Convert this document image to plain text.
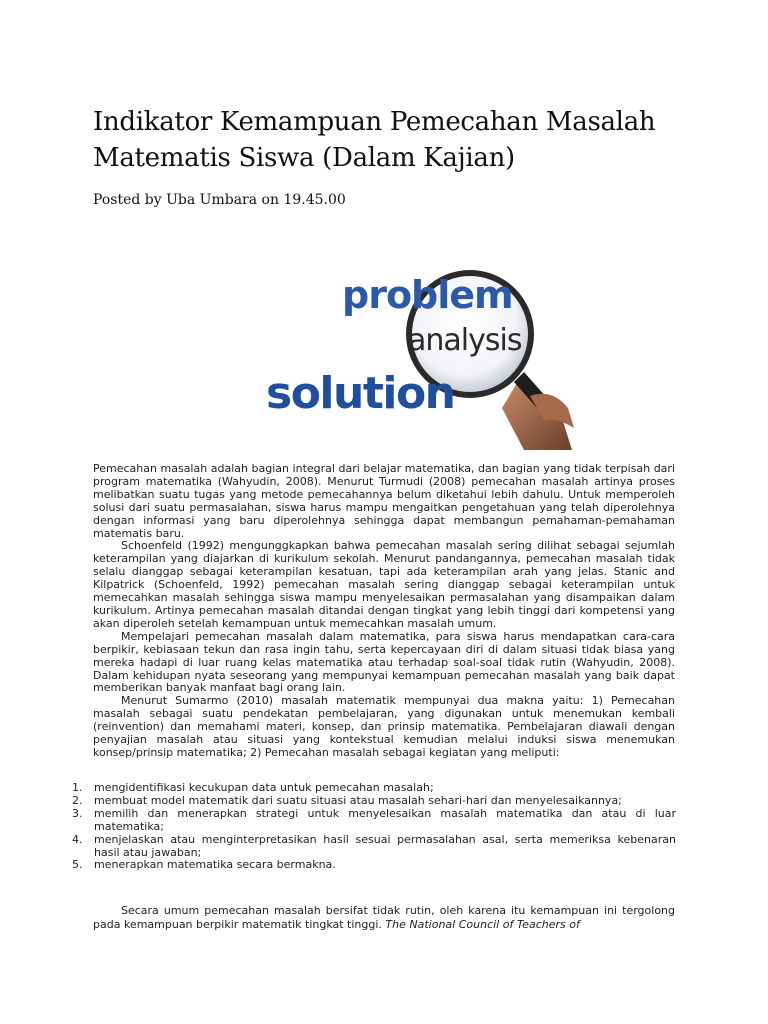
Indikator Kemampuan Pemecahan Masalah Matematis Siswa (Dalam Kajian)
Posted by Uba Umbara on 19.45.00
problem
analysis
solution

Pemecahan masalah adalah bagian integral dari belajar matematika, dan bagian yang tidak terpisah dari program matematika (Wahyudin, 2008). Menurut Turmudi (2008) pemecahan masalah artinya proses melibatkan suatu tugas yang metode pemecahannya belum diketahui lebih dahulu. Untuk memperoleh solusi dari suatu permasalahan, siswa harus mampu mengaitkan pengetahuan yang telah diperolehnya dengan informasi yang baru diperolehnya sehingga dapat membangun pemahaman-pemahaman matematis baru.

Schoenfeld (1992) mengunggkapkan bahwa pemecahan masalah sering dilihat sebagai sejumlah keterampilan yang diajarkan di kurikulum sekolah. Menurut pandangannya, pemecahan masalah tidak selalu dianggap sebagai keterampilan kesatuan, tapi ada keterampilan arah yang jelas. Stanic and Kilpatrick (Schoenfeld, 1992) pemecahan masalah sering dianggap sebagai keterampilan untuk memecahkan masalah sehingga siswa mampu menyelesaikan permasalahan yang disampaikan dalam kurikulum. Artinya pemecahan masalah ditandai dengan tingkat yang lebih tinggi dari kompetensi yang akan diperoleh setelah kemampuan untuk memecahkan masalah umum.

Mempelajari pemecahan masalah dalam matematika, para siswa harus mendapatkan cara-cara berpikir, kebiasaan tekun dan rasa ingin tahu, serta kepercayaan diri di dalam situasi tidak biasa yang mereka hadapi di luar ruang kelas matematika atau terhadap soal-soal tidak rutin (Wahyudin, 2008). Dalam kehidupan nyata seseorang yang mempunyai kemampuan pemecahan masalah yang baik dapat memberikan banyak manfaat bagi orang lain.

Menurut Sumarmo (2010) masalah matematik mempunyai dua makna yaitu: 1) Pemecahan masalah sebagai suatu pendekatan pembelajaran, yang digunakan untuk menemukan kembali (reinvention) dan memahami materi, konsep, dan prinsip matematika. Pembelajaran diawali dengan penyajian masalah atau situasi yang kontekstual kemudian melalui induksi siswa menemukan konsep/prinsip matematika; 2) Pemecahan masalah sebagai kegiatan yang meliputi:

1.	mengidentifikasi kecukupan data untuk pemecahan masalah;
2.	membuat model matematik dari suatu situasi atau masalah sehari-hari dan menyelesaikannya;
3.	memilih dan menerapkan strategi untuk menyelesaikan masalah matematika dan atau di luar matematika;
4.	menjelaskan atau menginterpretasikan hasil sesuai permasalahan asal, serta memeriksa kebenaran hasil atau jawaban;
5.	menerapkan matematika secara bermakna.

Secara umum pemecahan masalah bersifat tidak rutin, oleh karena itu kemampuan ini tergolong pada kemampuan berpikir matematik tingkat tinggi. The National Council of Teachers of
